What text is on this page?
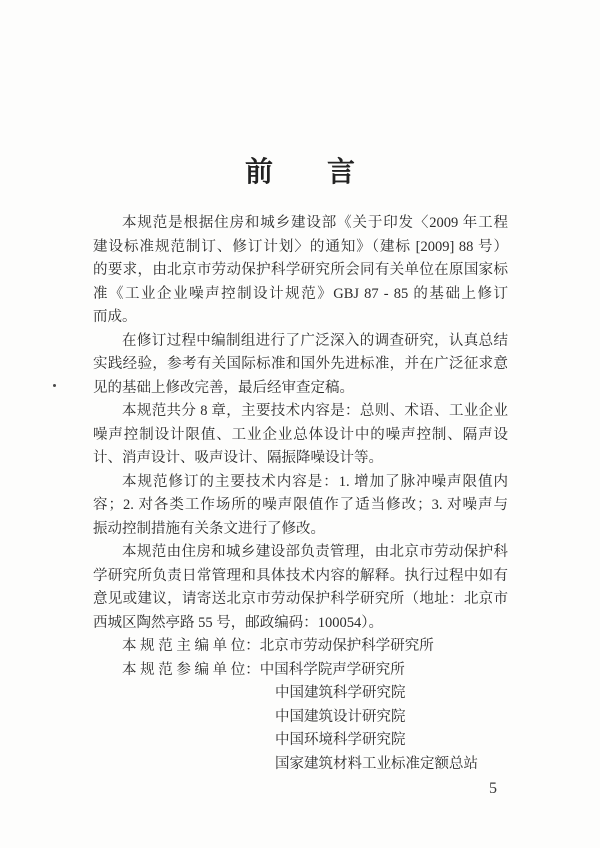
前 言
本规范是根据住房和城乡建设部《关于印发〈2009 年工程
建设标准规范制订、修订计划〉的通知》（建标 [2009] 88 号）
的要求，由北京市劳动保护科学研究所会同有关单位在原国家标
准《工业企业噪声控制设计规范》GBJ 87 - 85 的基础上修订
而成。
在修订过程中编制组进行了广泛深入的调查研究，认真总结
实践经验，参考有关国际标准和国外先进标准，并在广泛征求意
见的基础上修改完善，最后经审查定稿。
本规范共分 8 章，主要技术内容是：总则、术语、工业企业
噪声控制设计限值、工业企业总体设计中的噪声控制、隔声设
计、消声设计、吸声设计、隔振降噪设计等。
本规范修订的主要技术内容是：1. 增加了脉冲噪声限值内
容；2. 对各类工作场所的噪声限值作了适当修改；3. 对噪声与
振动控制措施有关条文进行了修改。
本规范由住房和城乡建设部负责管理，由北京市劳动保护科
学研究所负责日常管理和具体技术内容的解释。执行过程中如有
意见或建议，请寄送北京市劳动保护科学研究所（地址：北京市
西城区陶然亭路 55 号，邮政编码：100054）。
本 规 范 主 编 单 位：北京市劳动保护科学研究所
本 规 范 参 编 单 位：中国科学院声学研究所
中国建筑科学研究院
中国建筑设计研究院
中国环境科学研究院
国家建筑材料工业标准定额总站
5
